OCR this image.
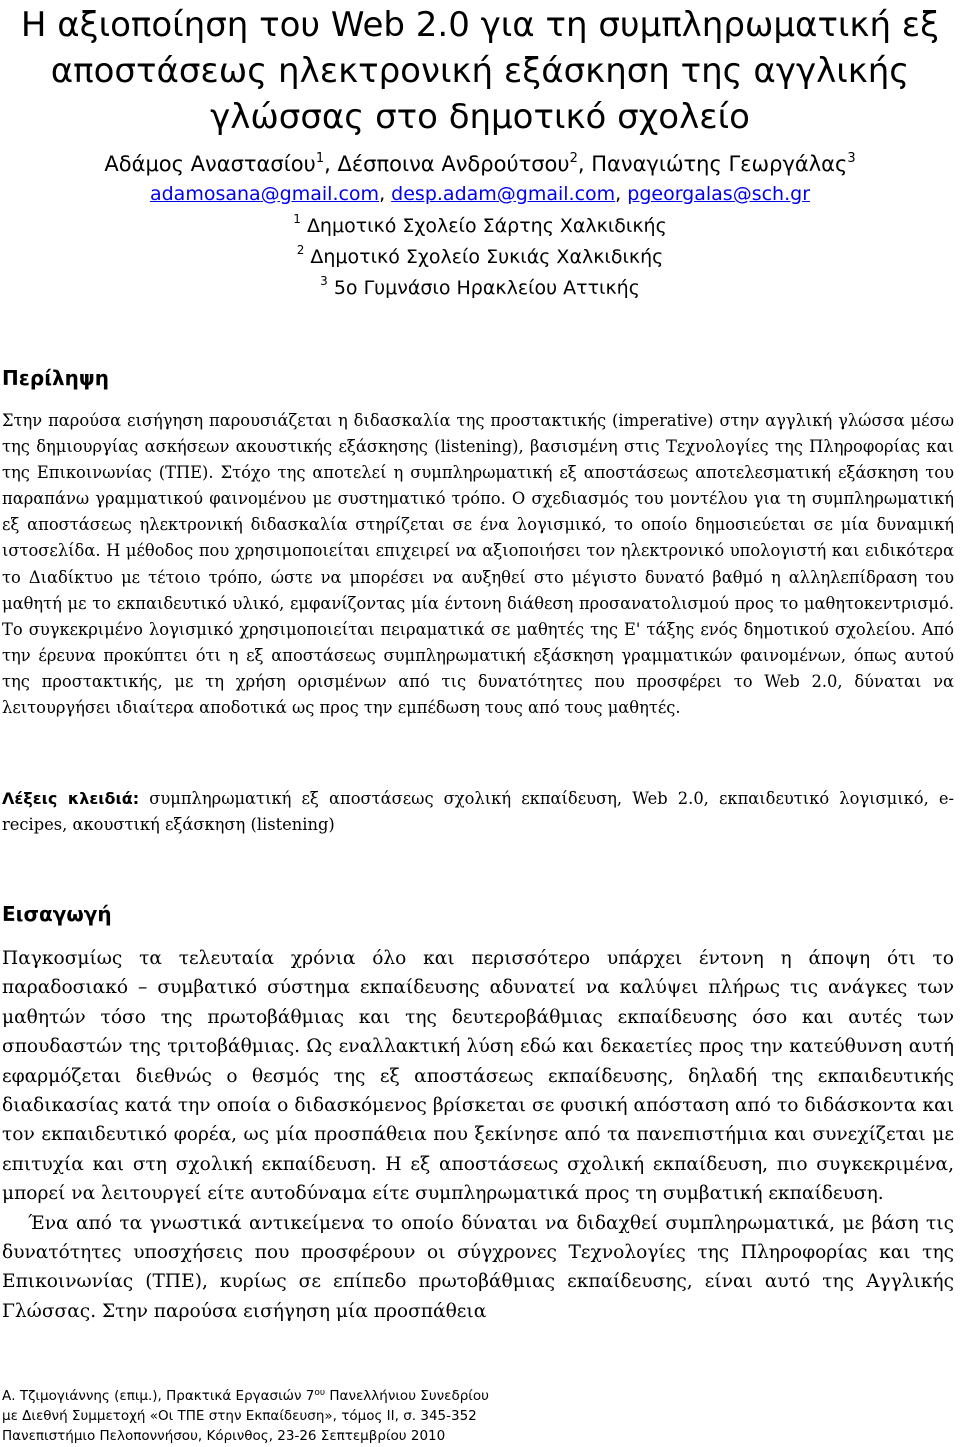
Η αξιοποίηση του Web 2.0 για τη συμπληρωματική εξ αποστάσεως ηλεκτρονική εξάσκηση της αγγλικής γλώσσας στο δημοτικό σχολείο
Αδάμος Αναστασίου$^1$, Δέσποινα Ανδρούτσου$^2$, Παναγιώτης Γεωργάλας$^3$
adamosana@gmail.com, desp.adam@gmail.com, pgeorgalas@sch.gr
$^1$ Δημοτικό Σχολείο Σάρτης Χαλκιδικής
$^2$ Δημοτικό Σχολείο Συκιάς Χαλκιδικής
$^3$ 5ο Γυμνάσιο Ηρακλείου Αττικής
Περίληψη

Στην παρούσα εισήγηση παρουσιάζεται η διδασκαλία της προστακτικής (imperative) στην αγγλική γλώσσα μέσω της δημιουργίας ασκήσεων ακουστικής εξάσκησης (listening), βασισμένη στις Τεχνολογίες της Πληροφορίας και της Επικοινωνίας (ΤΠΕ). Στόχο της αποτελεί η συμπληρωματική εξ αποστάσεως αποτελεσματική εξάσκηση του παραπάνω γραμματικού φαινομένου με συστηματικό τρόπο. Ο σχεδιασμός του μοντέλου για τη συμπληρωματική εξ αποστάσεως ηλεκτρονική διδασκαλία στηρίζεται σε ένα λογισμικό, το οποίο δημοσιεύεται σε μία δυναμική ιστοσελίδα. Η μέθοδος που χρησιμοποιείται επιχειρεί να αξιοποιήσει τον ηλεκτρονικό υπολογιστή και ειδικότερα το Διαδίκτυο με τέτοιο τρόπο, ώστε να μπορέσει να αυξηθεί στο μέγιστο δυνατό βαθμό η αλληλεπίδραση του μαθητή με το εκπαιδευτικό υλικό, εμφανίζοντας μία έντονη διάθεση προσανατολισμού προς το μαθητοκεντρισμό. Το συγκεκριμένο λογισμικό χρησιμοποιείται πειραματικά σε μαθητές της Ε' τάξης ενός δημοτικού σχολείου. Από την έρευνα προκύπτει ότι η εξ αποστάσεως συμπληρωματική εξάσκηση γραμματικών φαινομένων, όπως αυτού της προστακτικής, με τη χρήση ορισμένων από τις δυνατότητες που προσφέρει το Web 2.0, δύναται να λειτουργήσει ιδιαίτερα αποδοτικά ως προς την εμπέδωση τους από τους μαθητές.

Λέξεις κλειδιά: συμπληρωματική εξ αποστάσεως σχολική εκπαίδευση, Web 2.0, εκπαιδευτικό λογισμικό, e-recipes, ακουστική εξάσκηση (listening)

Εισαγωγή

Παγκοσμίως τα τελευταία χρόνια όλο και περισσότερο υπάρχει έντονη η άποψη ότι το παραδοσιακό – συμβατικό σύστημα εκπαίδευσης αδυνατεί να καλύψει πλήρως τις ανάγκες των μαθητών τόσο της πρωτοβάθμιας και της δευτεροβάθμιας εκπαίδευσης όσο και αυτές των σπουδαστών της τριτοβάθμιας. Ως εναλλακτική λύση εδώ και δεκαετίες προς την κατεύθυνση αυτή εφαρμόζεται διεθνώς ο θεσμός της εξ αποστάσεως εκπαίδευσης, δηλαδή της εκπαιδευτικής διαδικασίας κατά την οποία ο διδασκόμενος βρίσκεται σε φυσική απόσταση από το διδάσκοντα και τον εκπαιδευτικό φορέα, ως μία προσπάθεια που ξεκίνησε από τα πανεπιστήμια και συνεχίζεται με επιτυχία και στη σχολική εκπαίδευση. Η εξ αποστάσεως σχολική εκπαίδευση, πιο συγκεκριμένα, μπορεί να λειτουργεί είτε αυτοδύναμα είτε συμπληρωματικά προς τη συμβατική εκπαίδευση.

Ένα από τα γνωστικά αντικείμενα το οποίο δύναται να διδαχθεί συμπληρωματικά, με βάση τις δυνατότητες υποσχήσεις που προσφέρουν οι σύγχρονες Τεχνολογίες της Πληροφορίας και της Επικοινωνίας (ΤΠΕ), κυρίως σε επίπεδο πρωτοβάθμιας εκπαίδευσης, είναι αυτό της Αγγλικής Γλώσσας. Στην παρούσα εισήγηση μία προσπάθεια

Α. Τζιμογιάννης (επιμ.), Πρακτικά Εργασιών $7^{o\upsilon}$ Πανελλήνιου Συνεδρίου
με Διεθνή Συμμετοχή «Οι ΤΠΕ στην Εκπαίδευση», τόμος ΙΙ, σ. 345-352
Πανεπιστήμιο Πελοποννήσου, Κόρινθος, 23-26 Σεπτεμβρίου 2010
